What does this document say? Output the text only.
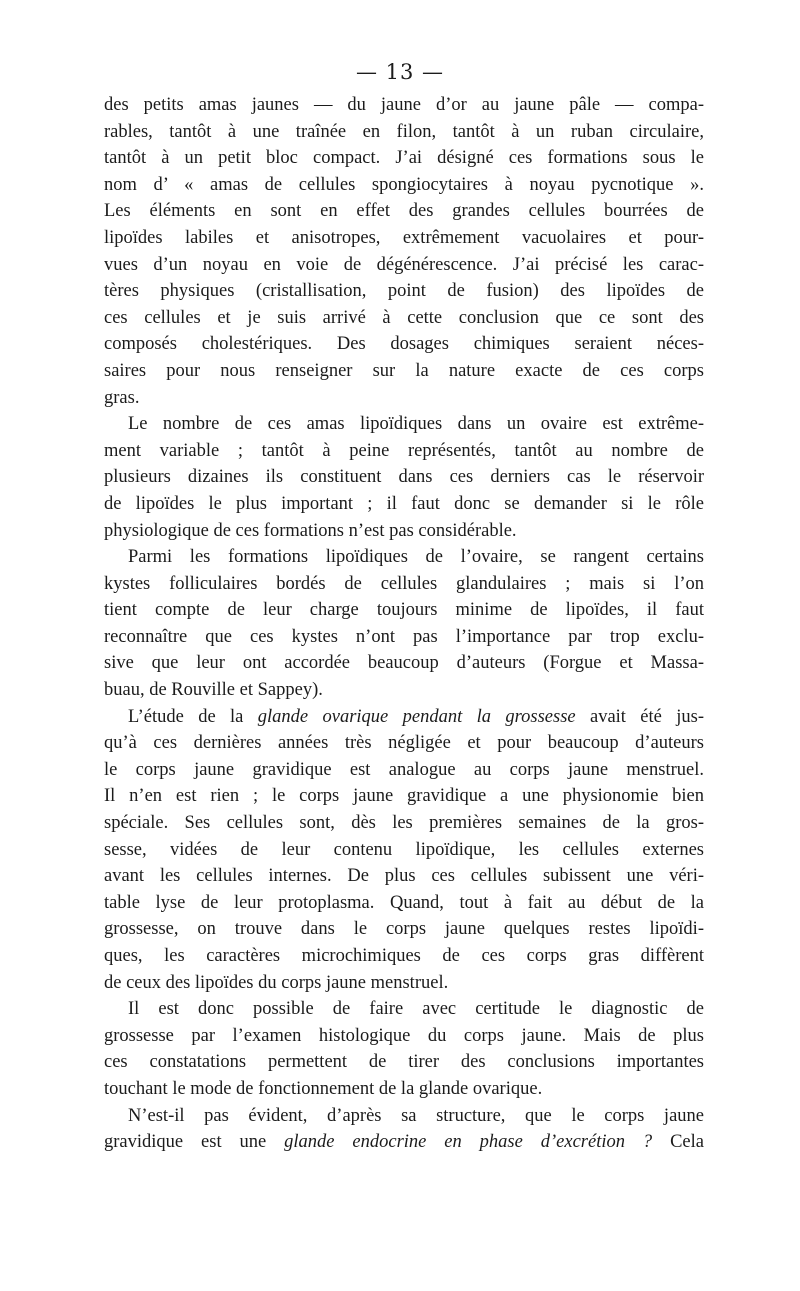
— 13 —
des petits amas jaunes — du jaune d’or au jaune pâle — compa-
rables, tantôt à une traînée en filon, tantôt à un ruban circulaire,
tantôt à un petit bloc compact. J’ai désigné ces formations sous le
nom d’ « amas de cellules spongiocytaires à noyau pycnotique ».
Les éléments en sont en effet des grandes cellules bourrées de
lipoïdes labiles et anisotropes, extrêmement vacuolaires et pour-
vues d’un noyau en voie de dégénérescence. J’ai précisé les carac-
tères physiques (cristallisation, point de fusion) des lipoïdes de
ces cellules et je suis arrivé à cette conclusion que ce sont des
composés cholestériques. Des dosages chimiques seraient néces-
saires pour nous renseigner sur la nature exacte de ces corps
gras.
Le nombre de ces amas lipoïdiques dans un ovaire est extrême-
ment variable ; tantôt à peine représentés, tantôt au nombre de
plusieurs dizaines ils constituent dans ces derniers cas le réservoir
de lipoïdes le plus important ; il faut donc se demander si le rôle
physiologique de ces formations n’est pas considérable.
Parmi les formations lipoïdiques de l’ovaire, se rangent certains
kystes folliculaires bordés de cellules glandulaires ; mais si l’on
tient compte de leur charge toujours minime de lipoïdes, il faut
reconnaître que ces kystes n’ont pas l’importance par trop exclu-
sive que leur ont accordée beaucoup d’auteurs (Forgue et Massa-
buau, de Rouville et Sappey).
L’étude de la glande ovarique pendant la grossesse avait été jus-
qu’à ces dernières années très négligée et pour beaucoup d’auteurs
le corps jaune gravidique est analogue au corps jaune menstruel.
Il n’en est rien ; le corps jaune gravidique a une physionomie bien
spéciale. Ses cellules sont, dès les premières semaines de la gros-
sesse, vidées de leur contenu lipoïdique, les cellules externes
avant les cellules internes. De plus ces cellules subissent une véri-
table lyse de leur protoplasma. Quand, tout à fait au début de la
grossesse, on trouve dans le corps jaune quelques restes lipoïdi-
ques, les caractères microchimiques de ces corps gras diffèrent
de ceux des lipoïdes du corps jaune menstruel.
Il est donc possible de faire avec certitude le diagnostic de
grossesse par l’examen histologique du corps jaune. Mais de plus
ces constatations permettent de tirer des conclusions importantes
touchant le mode de fonctionnement de la glande ovarique.
N’est-il pas évident, d’après sa structure, que le corps jaune
gravidique est une glande endocrine en phase d’excrétion ? Cela
